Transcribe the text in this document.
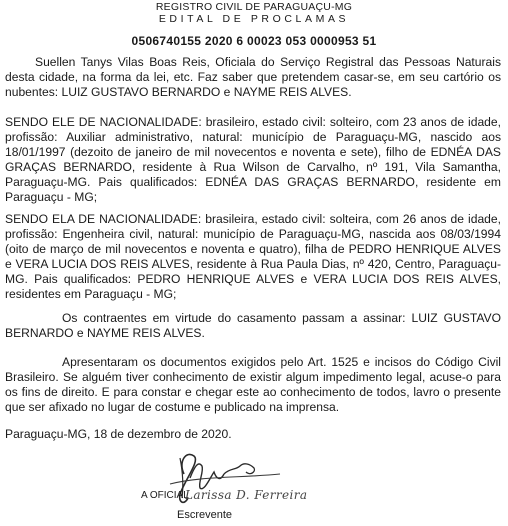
REGISTRO CIVIL DE PARAGUAÇU-MG

EDITAL DE PROCLAMAS

0506740155 2020 6 00023 053 0000953 51

Suellen Tanys Vilas Boas Reis, Oficiala do Serviço Registral das Pessoas Naturais desta cidade, na forma da lei, etc. Faz saber que pretendem casar-se, em seu cartório os nubentes: LUIZ GUSTAVO BERNARDO e NAYME REIS ALVES.

SENDO ELE DE NACIONALIDADE: brasileiro, estado civil: solteiro, com 23 anos de idade, profissão: Auxiliar administrativo, natural: município de Paraguaçu-MG, nascido aos 18/01/1997 (dezoito de janeiro de mil novecentos e noventa e sete), filho de EDNÉA DAS GRAÇAS BERNARDO, residente à Rua Wilson de Carvalho, nº 191, Vila Samantha, Paraguaçu-MG. Pais qualificados: EDNÉA DAS GRAÇAS BERNARDO, residente em Paraguaçu - MG;

SENDO ELA DE NACIONALIDADE: brasileira, estado civil: solteira, com 26 anos de idade, profissão: Engenheira civil, natural: município de Paraguaçu-MG, nascida aos 08/03/1994 (oito de março de mil novecentos e noventa e quatro), filha de PEDRO HENRIQUE ALVES e VERA LUCIA DOS REIS ALVES, residente à Rua Paula Dias, nº 420, Centro, Paraguaçu-MG. Pais qualificados: PEDRO HENRIQUE ALVES e VERA LUCIA DOS REIS ALVES, residentes em Paraguaçu - MG;

Os contraentes em virtude do casamento passam a assinar: LUIZ GUSTAVO BERNARDO e NAYME REIS ALVES.

Apresentaram os documentos exigidos pelo Art. 1525 e incisos do Código Civil Brasileiro. Se alguém tiver conhecimento de existir algum impedimento legal, acuse-o para os fins de direito. E para constar e chegar este ao conhecimento de todos, lavro o presente que ser afixado no lugar de costume e publicado na imprensa.

Paraguaçu-MG, 18 de dezembro de 2020.

A OFICIAL
Larissa D. Ferreira
Escrevente
